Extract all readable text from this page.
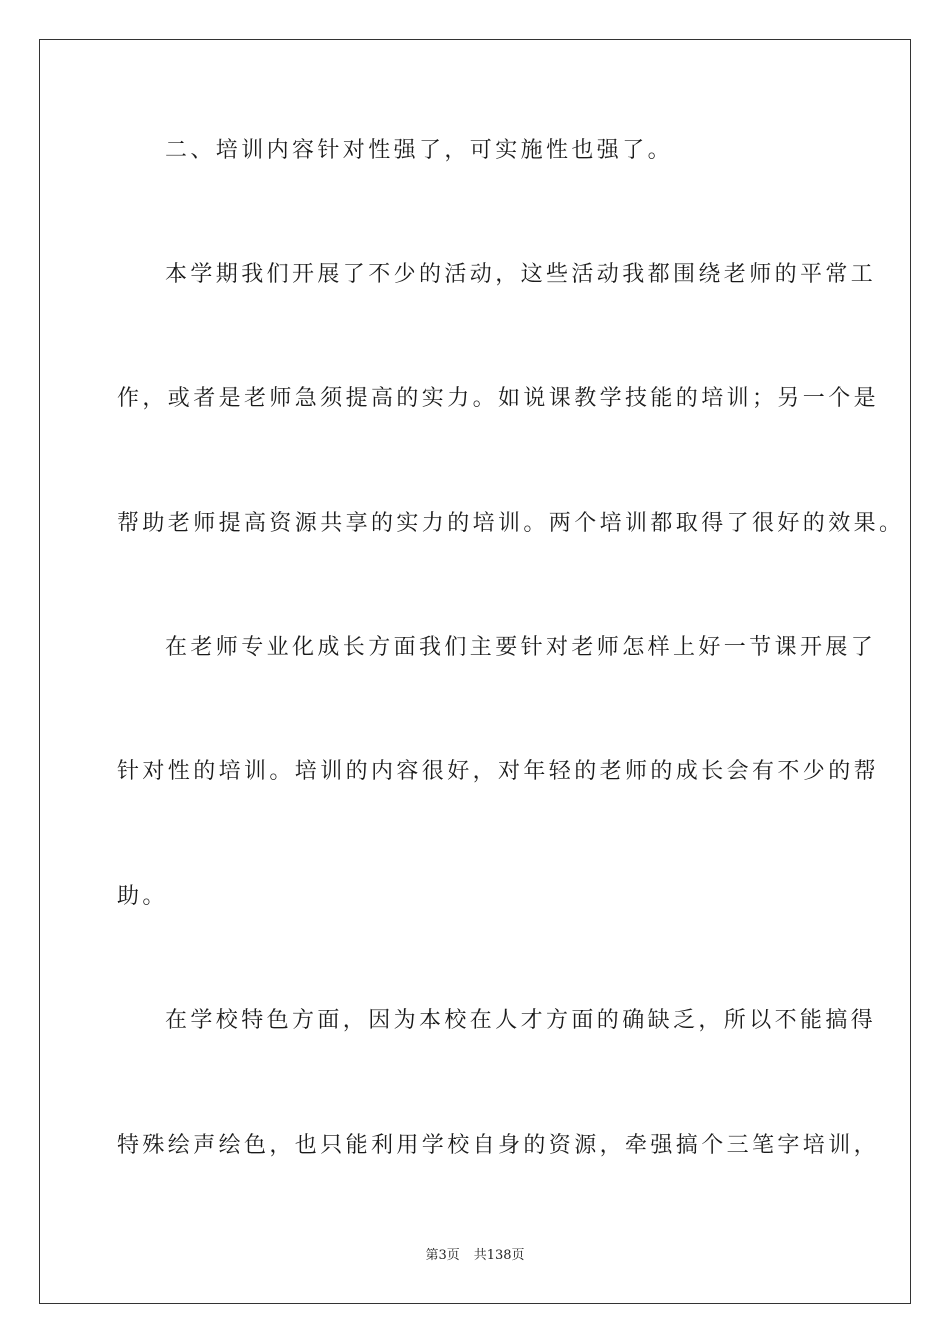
二、培训内容针对性强了，可实施性也强了。
本学期我们开展了不少的活动，这些活动我都围绕老师的平常工
作，或者是老师急须提高的实力。如说课教学技能的培训；另一个是
帮助老师提高资源共享的实力的培训。两个培训都取得了很好的效果。
在老师专业化成长方面我们主要针对老师怎样上好一节课开展了
针对性的培训。培训的内容很好，对年轻的老师的成长会有不少的帮
助。
在学校特色方面，因为本校在人才方面的确缺乏，所以不能搞得
特殊绘声绘色，也只能利用学校自身的资源，牵强搞个三笔字培训，
第3页 共138页
